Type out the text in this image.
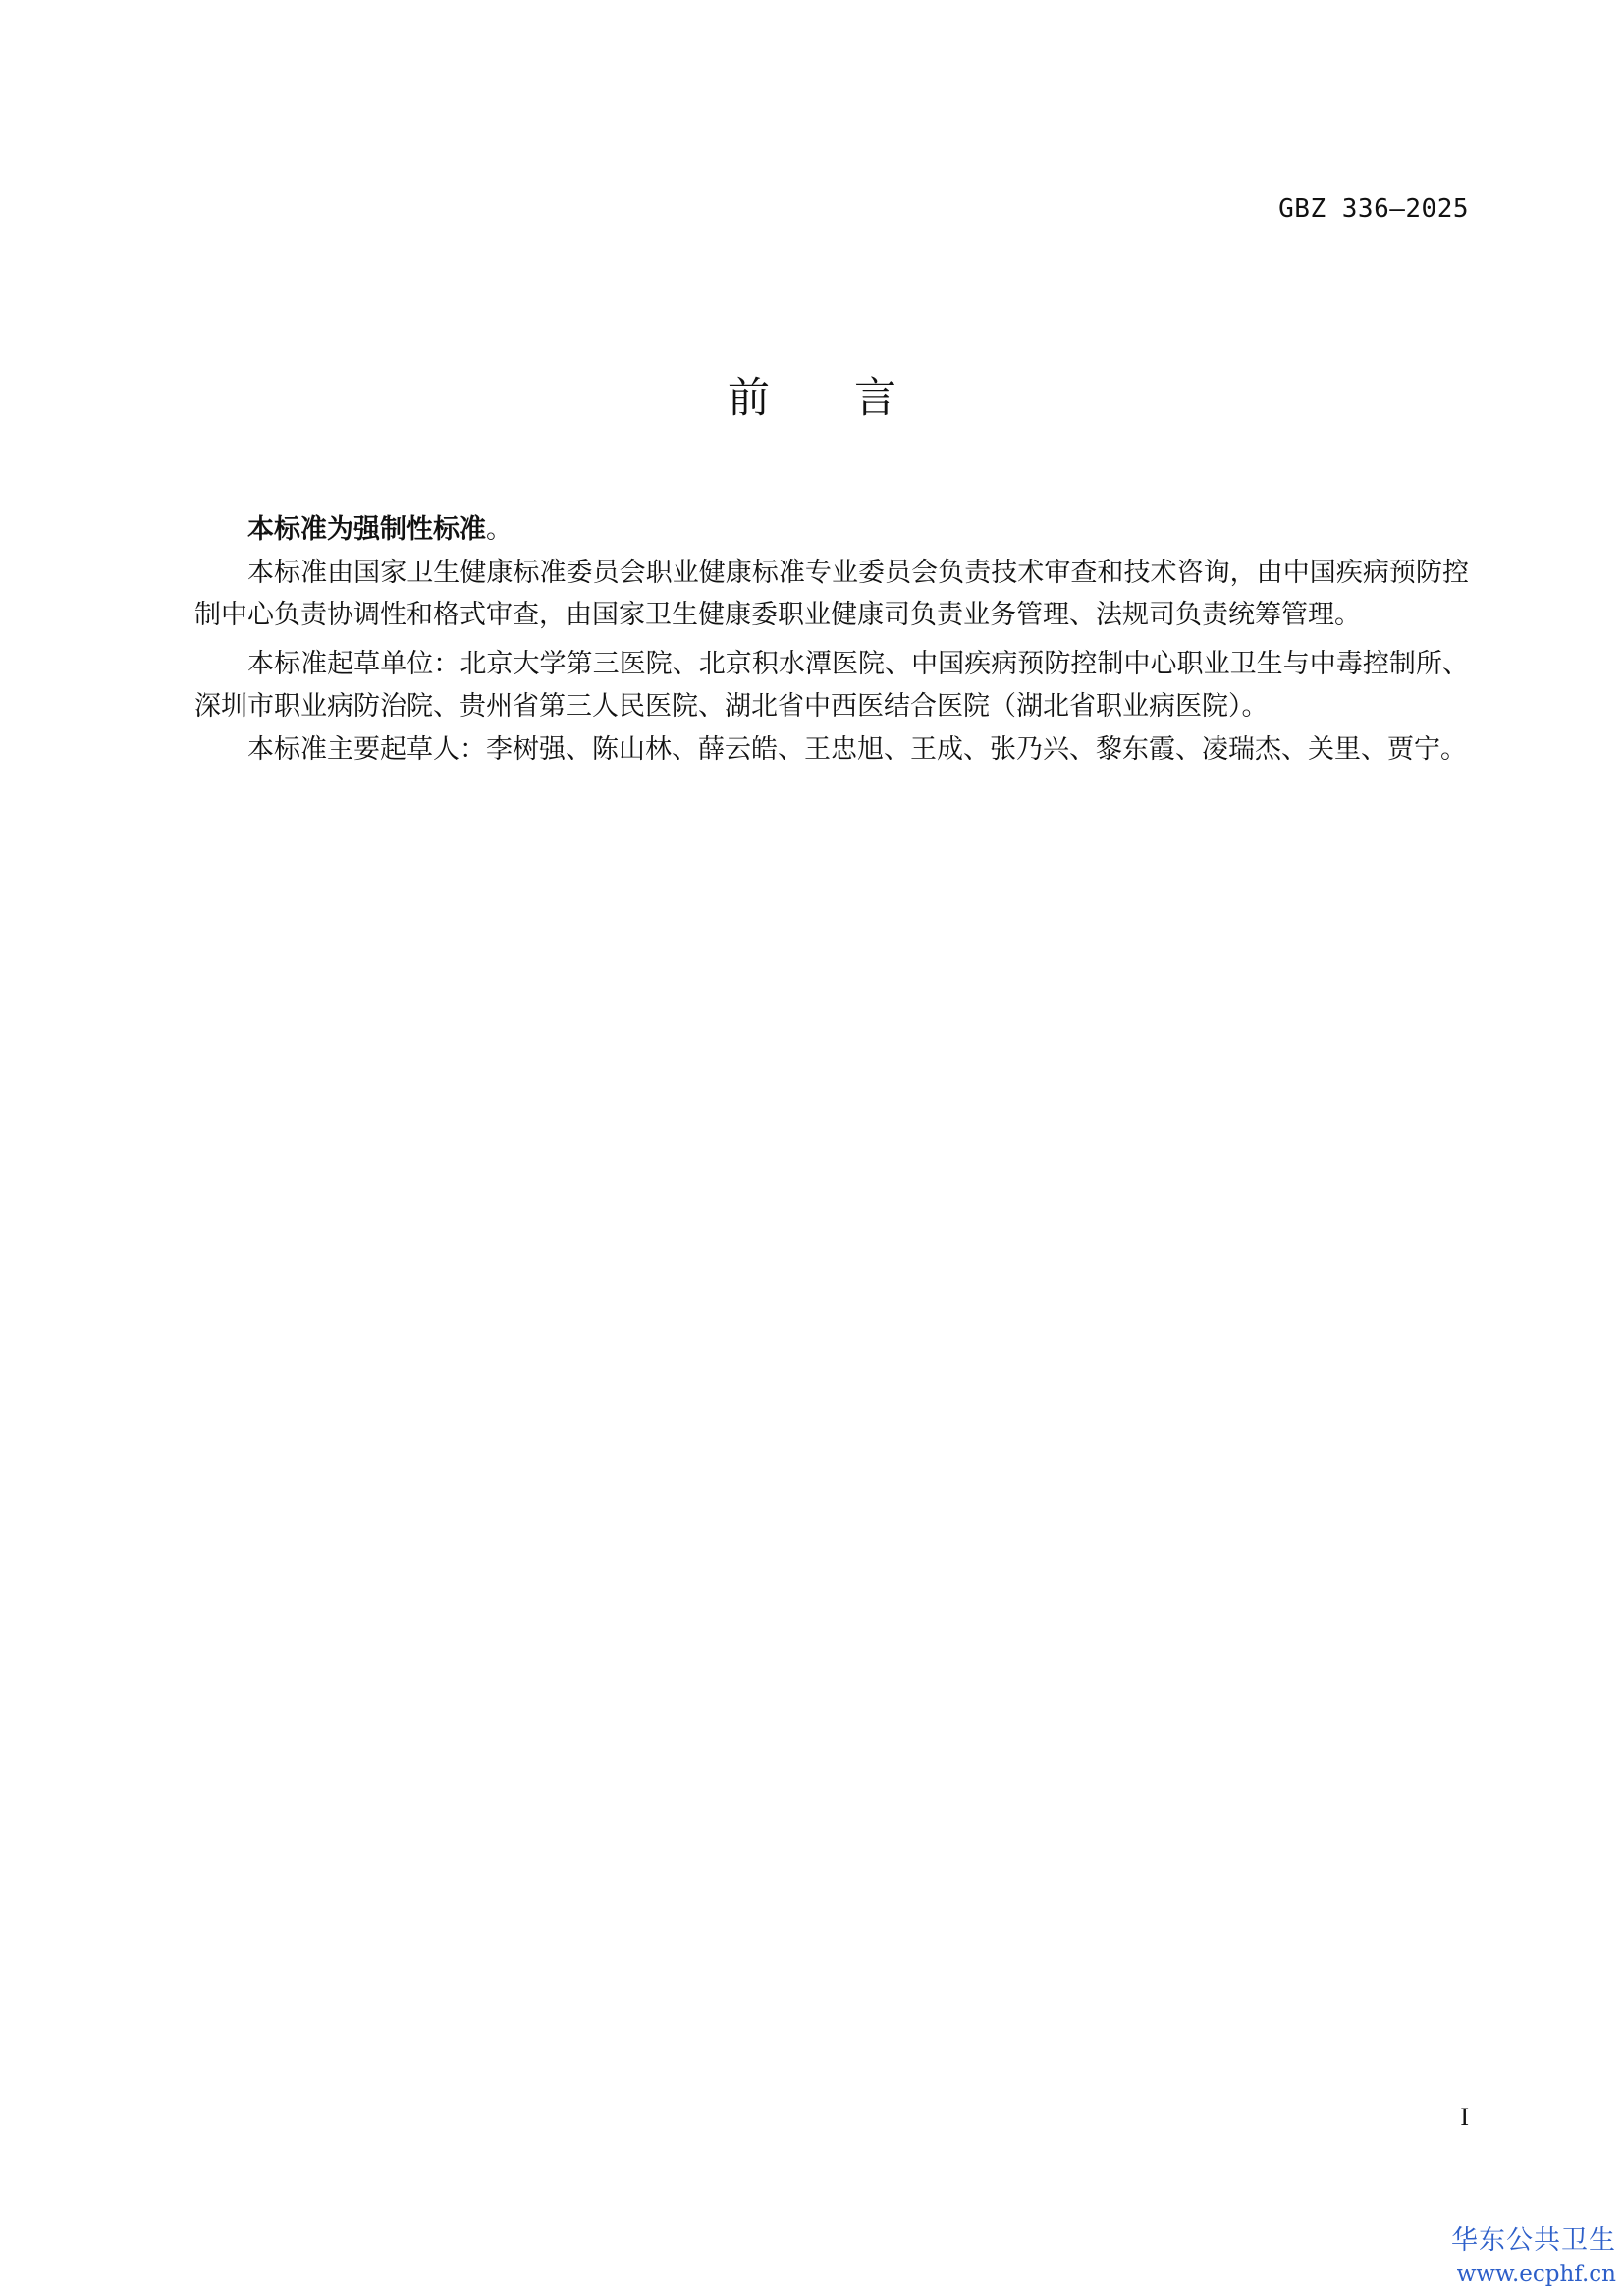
GBZ 336—2025
前 言

本标准为强制性标准。

本标准由国家卫生健康标准委员会职业健康标准专业委员会负责技术审查和技术咨询，由中国疾病预防控制中心负责协调性和格式审查，由国家卫生健康委职业健康司负责业务管理、法规司负责统筹管理。

本标准起草单位：北京大学第三医院、北京积水潭医院、中国疾病预防控制中心职业卫生与中毒控制所、深圳市职业病防治院、贵州省第三人民医院、湖北省中西医结合医院（湖北省职业病医院）。

本标准主要起草人：李树强、陈山林、薛云皓、王忠旭、王成、张乃兴、黎东霞、凌瑞杰、关里、贾宁。

I
华东公共卫生
www.ecphf.cn
